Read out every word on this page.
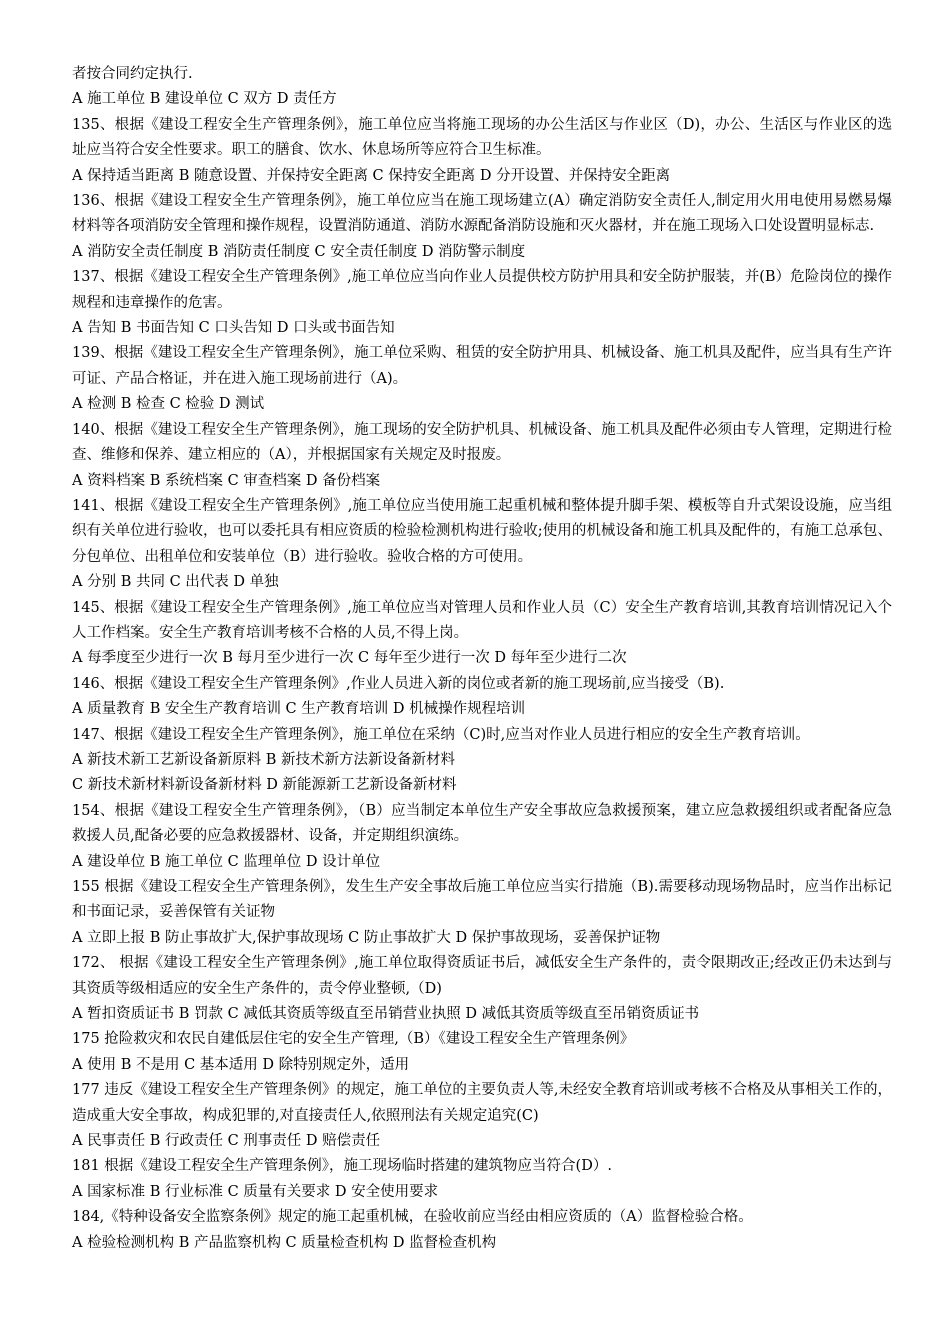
者按合同约定执行.
A 施工单位 B 建设单位 C 双方 D 责任方
135、根据《建设工程安全生产管理条例》，施工单位应当将施工现场的办公生活区与作业区（D)，办公、生活区与作业区的选址应当符合安全性要求。职工的膳食、饮水、休息场所等应符合卫生标准。
A 保持适当距离 B 随意设置、并保持安全距离 C 保持安全距离 D 分开设置、并保持安全距离
136、根据《建设工程安全生产管理条例》，施工单位应当在施工现场建立(A）确定消防安全责任人,制定用火用电使用易燃易爆材料等各项消防安全管理和操作规程，设置消防通道、消防水源配备消防设施和灭火器材，并在施工现场入口处设置明显标志.
A 消防安全责任制度 B 消防责任制度 C 安全责任制度 D 消防警示制度
137、根据《建设工程安全生产管理条例》,施工单位应当向作业人员提供校方防护用具和安全防护服装，并(B）危险岗位的操作规程和违章操作的危害。
A 告知 B 书面告知 C 口头告知 D 口头或书面告知
139、根据《建设工程安全生产管理条例》，施工单位采购、租赁的安全防护用具、机械设备、施工机具及配件，应当具有生产许可证、产品合格证，并在进入施工现场前进行（A)。
A 检测 B 检查 C 检验 D 测试
140、根据《建设工程安全生产管理条例》，施工现场的安全防护机具、机械设备、施工机具及配件必须由专人管理，定期进行检查、维修和保养、建立相应的（A），并根据国家有关规定及时报废。
A 资料档案 B 系统档案 C 审查档案 D 备份档案
141、根据《建设工程安全生产管理条例》,施工单位应当使用施工起重机械和整体提升脚手架、模板等自升式架设设施，应当组织有关单位进行验收，也可以委托具有相应资质的检验检测机构进行验收;使用的机械设备和施工机具及配件的，有施工总承包、分包单位、出租单位和安装单位（B）进行验收。验收合格的方可使用。
A 分别 B 共同 C 出代表 D 单独
145、根据《建设工程安全生产管理条例》,施工单位应当对管理人员和作业人员（C）安全生产教育培训,其教育培训情况记入个人工作档案。安全生产教育培训考核不合格的人员,不得上岗。
A 每季度至少进行一次 B 每月至少进行一次 C 每年至少进行一次 D 每年至少进行二次
146、根据《建设工程安全生产管理条例》,作业人员进入新的岗位或者新的施工现场前,应当接受（B).
A 质量教育 B 安全生产教育培训 C 生产教育培训 D 机械操作规程培训
147、根据《建设工程安全生产管理条例》，施工单位在采纳（C)时,应当对作业人员进行相应的安全生产教育培训。
A 新技术新工艺新设备新原料 B 新技术新方法新设备新材料
C 新技术新材料新设备新材料 D 新能源新工艺新设备新材料
154、根据《建设工程安全生产管理条例》，（B）应当制定本单位生产安全事故应急救援预案，建立应急救援组织或者配备应急救援人员,配备必要的应急救援器材、设备，并定期组织演练。
A 建设单位 B 施工单位 C 监理单位 D 设计单位
155 根据《建设工程安全生产管理条例》，发生生产安全事故后施工单位应当实行措施（B).需要移动现场物品时，应当作出标记和书面记录，妥善保管有关证物
A 立即上报 B 防止事故扩大,保护事故现场 C 防止事故扩大 D 保护事故现场，妥善保护证物
172、 根据《建设工程安全生产管理条例》,施工单位取得资质证书后，减低安全生产条件的，责令限期改正;经改正仍未达到与其资质等级相适应的安全生产条件的，责令停业整顿,（D)
A 暂扣资质证书 B 罚款 C 减低其资质等级直至吊销营业执照 D 减低其资质等级直至吊销资质证书
175 抢险救灾和农民自建低层住宅的安全生产管理,（B）《建设工程安全生产管理条例》
A 使用 B 不是用 C 基本适用 D 除特别规定外，适用
177 违反《建设工程安全生产管理条例》的规定，施工单位的主要负责人等,未经安全教育培训或考核不合格及从事相关工作的，造成重大安全事故，构成犯罪的,对直接责任人,依照刑法有关规定追究(C)
A 民事责任 B 行政责任 C 刑事责任 D 赔偿责任
181 根据《建设工程安全生产管理条例》，施工现场临时搭建的建筑物应当符合(D）.
A 国家标准 B 行业标准 C 质量有关要求 D 安全使用要求
184,《特种设备安全监察条例》规定的施工起重机械，在验收前应当经由相应资质的（A）监督检验合格。
A 检验检测机构 B 产品监察机构 C 质量检查机构 D 监督检查机构
